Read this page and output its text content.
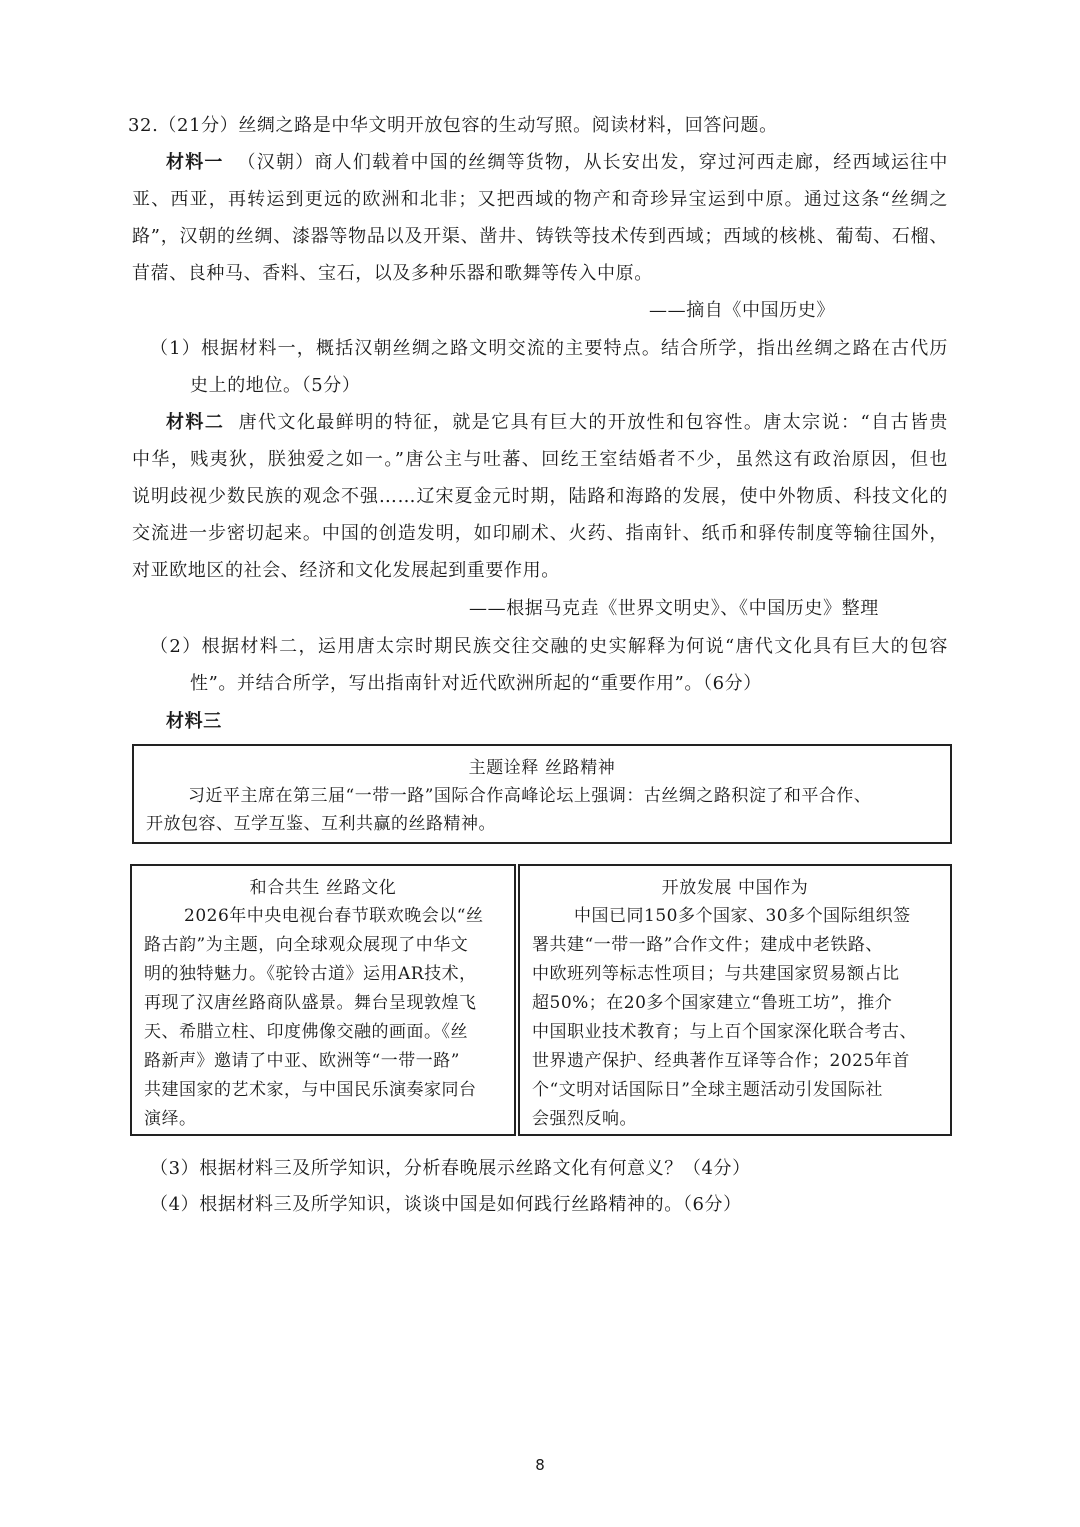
32.（21分）丝绸之路是中华文明开放包容的生动写照。阅读材料，回答问题。
材料一 （汉朝）商人们载着中国的丝绸等货物，从长安出发，穿过河西走廊，经西域运往中
亚、西亚，再转运到更远的欧洲和北非；又把西域的物产和奇珍异宝运到中原。通过这条“丝绸之
路”，汉朝的丝绸、漆器等物品以及开渠、凿井、铸铁等技术传到西域；西域的核桃、葡萄、石榴、
苜蓿、良种马、香料、宝石，以及多种乐器和歌舞等传入中原。
——摘自《中国历史》
（1）根据材料一，概括汉朝丝绸之路文明交流的主要特点。结合所学，指出丝绸之路在古代历
史上的地位。（5分）
材料二 唐代文化最鲜明的特征，就是它具有巨大的开放性和包容性。唐太宗说：“自古皆贵
中华，贱夷狄，朕独爱之如一。”唐公主与吐蕃、回纥王室结婚者不少，虽然这有政治原因，但也
说明歧视少数民族的观念不强……辽宋夏金元时期，陆路和海路的发展，使中外物质、科技文化的
交流进一步密切起来。中国的创造发明，如印刷术、火药、指南针、纸币和驿传制度等输往国外，
对亚欧地区的社会、经济和文化发展起到重要作用。
——根据马克垚《世界文明史》、《中国历史》整理
（2）根据材料二，运用唐太宗时期民族交往交融的史实解释为何说“唐代文化具有巨大的包容
性”。并结合所学，写出指南针对近代欧洲所起的“重要作用”。（6分）
材料三
主题诠释 丝路精神
习近平主席在第三届“一带一路”国际合作高峰论坛上强调：古丝绸之路积淀了和平合作、
开放包容、互学互鉴、互利共赢的丝路精神。
和合共生 丝路文化
2026年中央电视台春节联欢晚会以“丝
路古韵”为主题，向全球观众展现了中华文
明的独特魅力。《驼铃古道》运用AR技术，
再现了汉唐丝路商队盛景。舞台呈现敦煌飞
天、希腊立柱、印度佛像交融的画面。《丝
路新声》邀请了中亚、欧洲等“一带一路”
共建国家的艺术家，与中国民乐演奏家同台
演绎。
开放发展 中国作为
中国已同150多个国家、30多个国际组织签
署共建“一带一路”合作文件；建成中老铁路、
中欧班列等标志性项目；与共建国家贸易额占比
超50%；在20多个国家建立“鲁班工坊”，推介
中国职业技术教育；与上百个国家深化联合考古、
世界遗产保护、经典著作互译等合作；2025年首
个“文明对话国际日”全球主题活动引发国际社
会强烈反响。
（3）根据材料三及所学知识，分析春晚展示丝路文化有何意义？（4分）
（4）根据材料三及所学知识，谈谈中国是如何践行丝路精神的。（6分）
8
